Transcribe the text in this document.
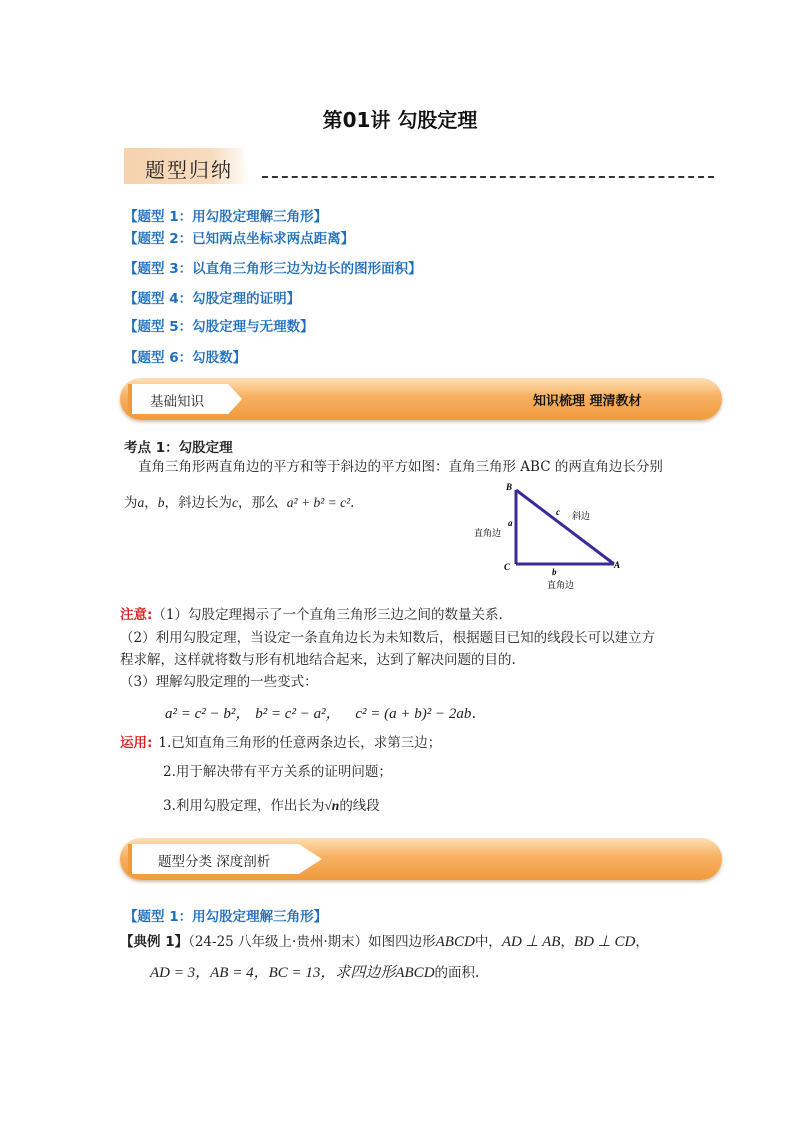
第01讲 勾股定理
题型归纳
【题型 1：用勾股定理解三角形】
【题型 2：已知两点坐标求两点距离】
【题型 3：以直角三角形三边为边长的图形面积】
【题型 4：勾股定理的证明】
【题型 5：勾股定理与无理数】
【题型 6：勾股数】
基础知识	知识梳理 理清教材
考点 1：勾股定理
直角三角形两直角边的平方和等于斜边的平方如图：直角三角形 ABC 的两直角边长分别
为a，b，斜边长为c，那么 a² + b² = c².
B
C	A
c 斜边
a
直角边
b
直角边
注意:（1）勾股定理揭示了一个直角三角形三边之间的数量关系.
（2）利用勾股定理，当设定一条直角边长为未知数后，根据题目已知的线段长可以建立方
程求解，这样就将数与形有机地结合起来，达到了解决问题的目的.
（3）理解勾股定理的一些变式：
a² = c² − b²， b² = c² − a²， c² = (a + b)² − 2ab.
运用: 1.已知直角三角形的任意两条边长，求第三边；
2.用于解决带有平方关系的证明问题；
3.利用勾股定理，作出长为√n的线段
题型分类 深度剖析
【题型 1：用勾股定理解三角形】
【典例 1】（24-25 八年级上·贵州·期末）如图四边形ABCD中，AD ⊥ AB，BD ⊥ CD，
AD = 3，AB = 4，BC = 13，求四边形ABCD的面积.
